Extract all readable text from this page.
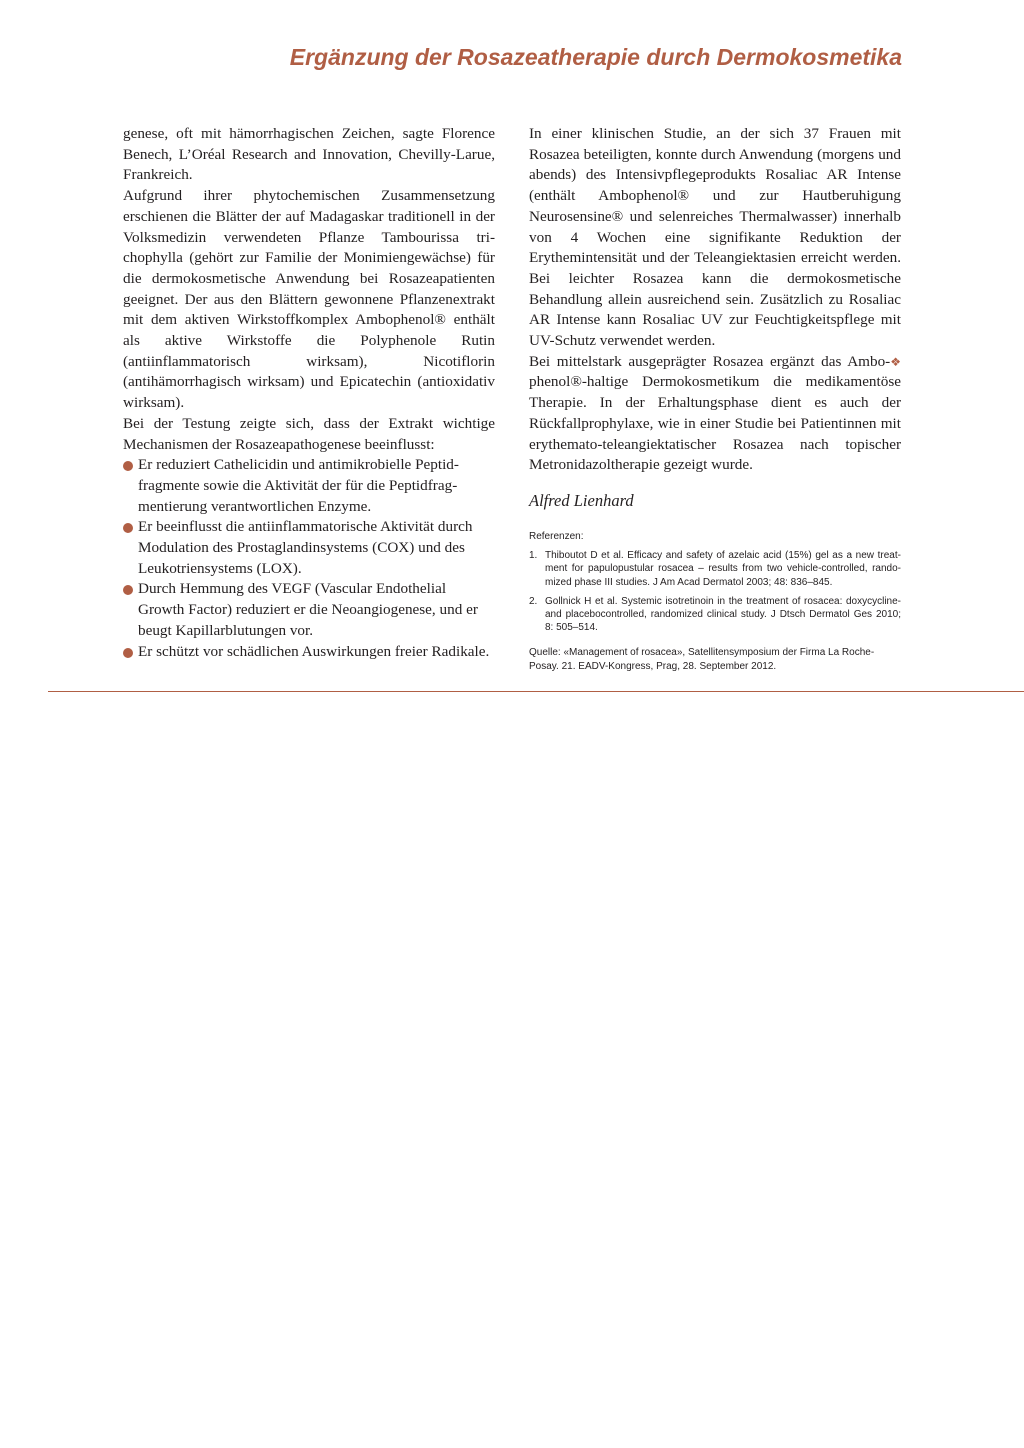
Ergänzung der Rosazeatherapie durch Dermokosmetika

genese, oft mit hämorrhagischen Zeichen, sagte Florence Benech, L’Oréal Research and Innovation, Chevilly-Larue, Frankreich.

Aufgrund ihrer phytochemischen Zusammensetzung erschienen die Blätter der auf Madagaskar traditionell in der Volksmedizin verwendeten Pflanze Tambourissa trichophylla (gehört zur Familie der Monimiengewächse) für die dermokosmetische Anwendung bei Rosazeapatienten geeignet. Der aus den Blättern gewonnene Pflanzenextrakt mit dem aktiven Wirkstoffkomplex Ambophenol® enthält als aktive Wirkstoffe die Polyphenole Rutin (antiinflammatorisch wirksam), Nicotiflorin (antihämorrhagisch wirksam) und Epicatechin (antioxidativ wirksam).

Bei der Testung zeigte sich, dass der Extrakt wichtige Mechanismen der Rosazeapathogenese beeinflusst:

Er reduziert Cathelicidin und antimikrobielle Peptidfragmente sowie die Aktivität der für die Peptidfragmentierung verantwortlichen Enzyme.
Er beeinflusst die antiinflammatorische Aktivität durch Modulation des Prostaglandinsystems (COX) und des Leukotriensystems (LOX).
Durch Hemmung des VEGF (Vascular Endothelial Growth Factor) reduziert er die Neoangiogenese, und er beugt Kapillarblutungen vor.
Er schützt vor schädlichen Auswirkungen freier Radikale.

In einer klinischen Studie, an der sich 37 Frauen mit Rosazea beteiligten, konnte durch Anwendung (morgens und abends) des Intensivpflegeprodukts Rosaliac AR Intense (enthält Ambophenol® und zur Hautberuhigung Neurosensine® und selenreiches Thermalwasser) innerhalb von 4 Wochen eine signifikante Reduktion der Erythemintensität und der Teleangiektasien erreicht werden. Bei leichter Rosazea kann die dermokosmetische Behandlung allein ausreichend sein. Zusätzlich zu Rosaliac AR Intense kann Rosaliac UV zur Feuchtigkeitspflege mit UV-Schutz verwendet werden.

❖
Bei mittelstark ausgeprägter Rosazea ergänzt das Ambophenol®-haltige Dermokosmetikum die medikamentöse Therapie. In der Erhaltungsphase dient es auch der Rückfallprophylaxe, wie in einer Studie bei Patientinnen mit erythemato-teleangiektatischer Rosazea nach topischer Metronidazoltherapie gezeigt wurde.

Alfred Lienhard
Referenzen:
1. Thiboutot D et al. Efficacy and safety of azelaic acid (15%) gel as a new treatment for papulopustular rosacea – results from two vehicle-controlled, randomized phase III studies. J Am Acad Dermatol 2003; 48: 836–845.
2. Gollnick H et al. Systemic isotretinoin in the treatment of rosacea: doxycycline- and placebocontrolled, randomized clinical study. J Dtsch Dermatol Ges 2010; 8: 505–514.
Quelle: «Management of rosacea», Satellitensymposium der Firma La Roche-Posay. 21. EADV-Kongress, Prag, 28. September 2012.
